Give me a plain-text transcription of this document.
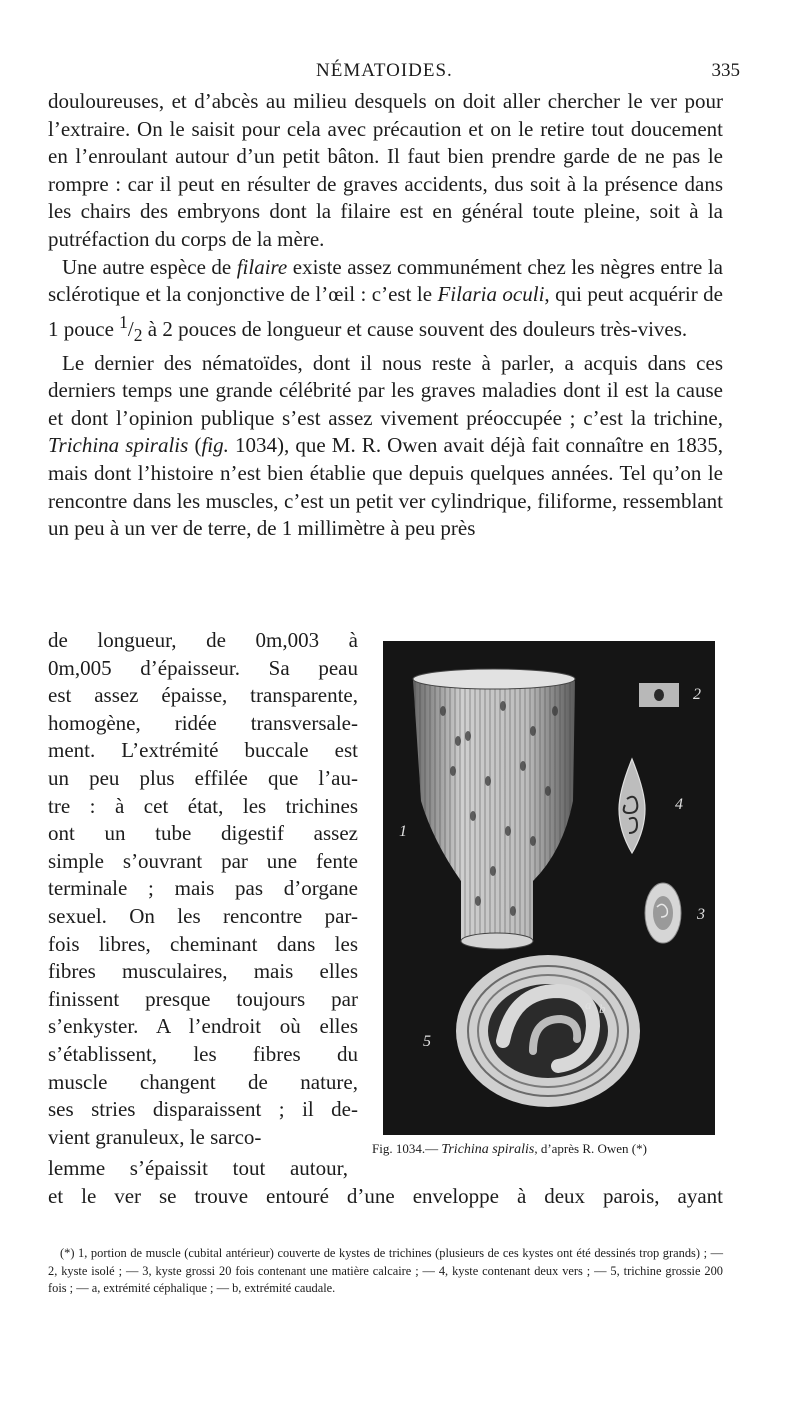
NÉMATOIDES.	335

douloureuses, et d’abcès au milieu desquels on doit aller chercher le ver pour l’extraire. On le saisit pour cela avec précaution et on le retire tout doucement en l’enroulant autour d’un petit bâton. Il faut bien prendre garde de ne pas le rompre : car il peut en résulter de graves accidents, dus soit à la présence dans les chairs des embryons dont la filaire est en général toute pleine, soit à la putréfaction du corps de la mère.

Une autre espèce de filaire existe assez communément chez les nègres entre la sclérotique et la conjonctive de l’œil : c’est le Filaria oculi, qui peut acquérir de 1 pouce $^1/_2$ à 2 pouces de longueur et cause souvent des douleurs très-vives.

Le dernier des nématoïdes, dont il nous reste à parler, a acquis dans ces derniers temps une grande célébrité par les graves maladies dont il est la cause et dont l’opinion publique s’est assez vivement préoccupée ; c’est la trichine, Trichina spiralis (fig. 1034), que M. R. Owen avait déjà fait connaître en 1835, mais dont l’histoire n’est bien établie que depuis quelques années. Tel qu’on le rencontre dans les muscles, c’est un petit ver cylindrique, filiforme, ressemblant un peu à un ver de terre, de 1 millimètre à peu près

de longueur, de 0m,003 à
0m,005 d’épaisseur. Sa peau
est assez épaisse, transparente,
homogène, ridée transversale-
ment. L’extrémité buccale est
un peu plus effilée que l’au-
tre : à cet état, les trichines
ont un tube digestif assez
simple s’ouvrant par une fente
terminale ; mais pas d’organe
sexuel. On les rencontre par-
fois libres, cheminant dans les
fibres musculaires, mais elles
finissent presque toujours par
s’enkyster. A l’endroit où elles
s’établissent, les fibres du
muscle changent de nature,
ses stries disparaissent ; il de-
vient granuleux, le sarco-
1
2
3
4
5
a b
Fig. 1034.— Trichina spiralis, d’après R. Owen (*)
lemme s’épaissit tout autour,
et le ver se trouve entouré d’une enveloppe à deux parois, ayant

(*) 1, portion de muscle (cubital antérieur) couverte de kystes de trichines (plusieurs de ces kystes ont été dessinés trop grands) ; — 2, kyste isolé ; — 3, kyste grossi 20 fois contenant une matière calcaire ; — 4, kyste contenant deux vers ; — 5, trichine grossie 200 fois ; — a, extrémité céphalique ; — b, extrémité caudale.
